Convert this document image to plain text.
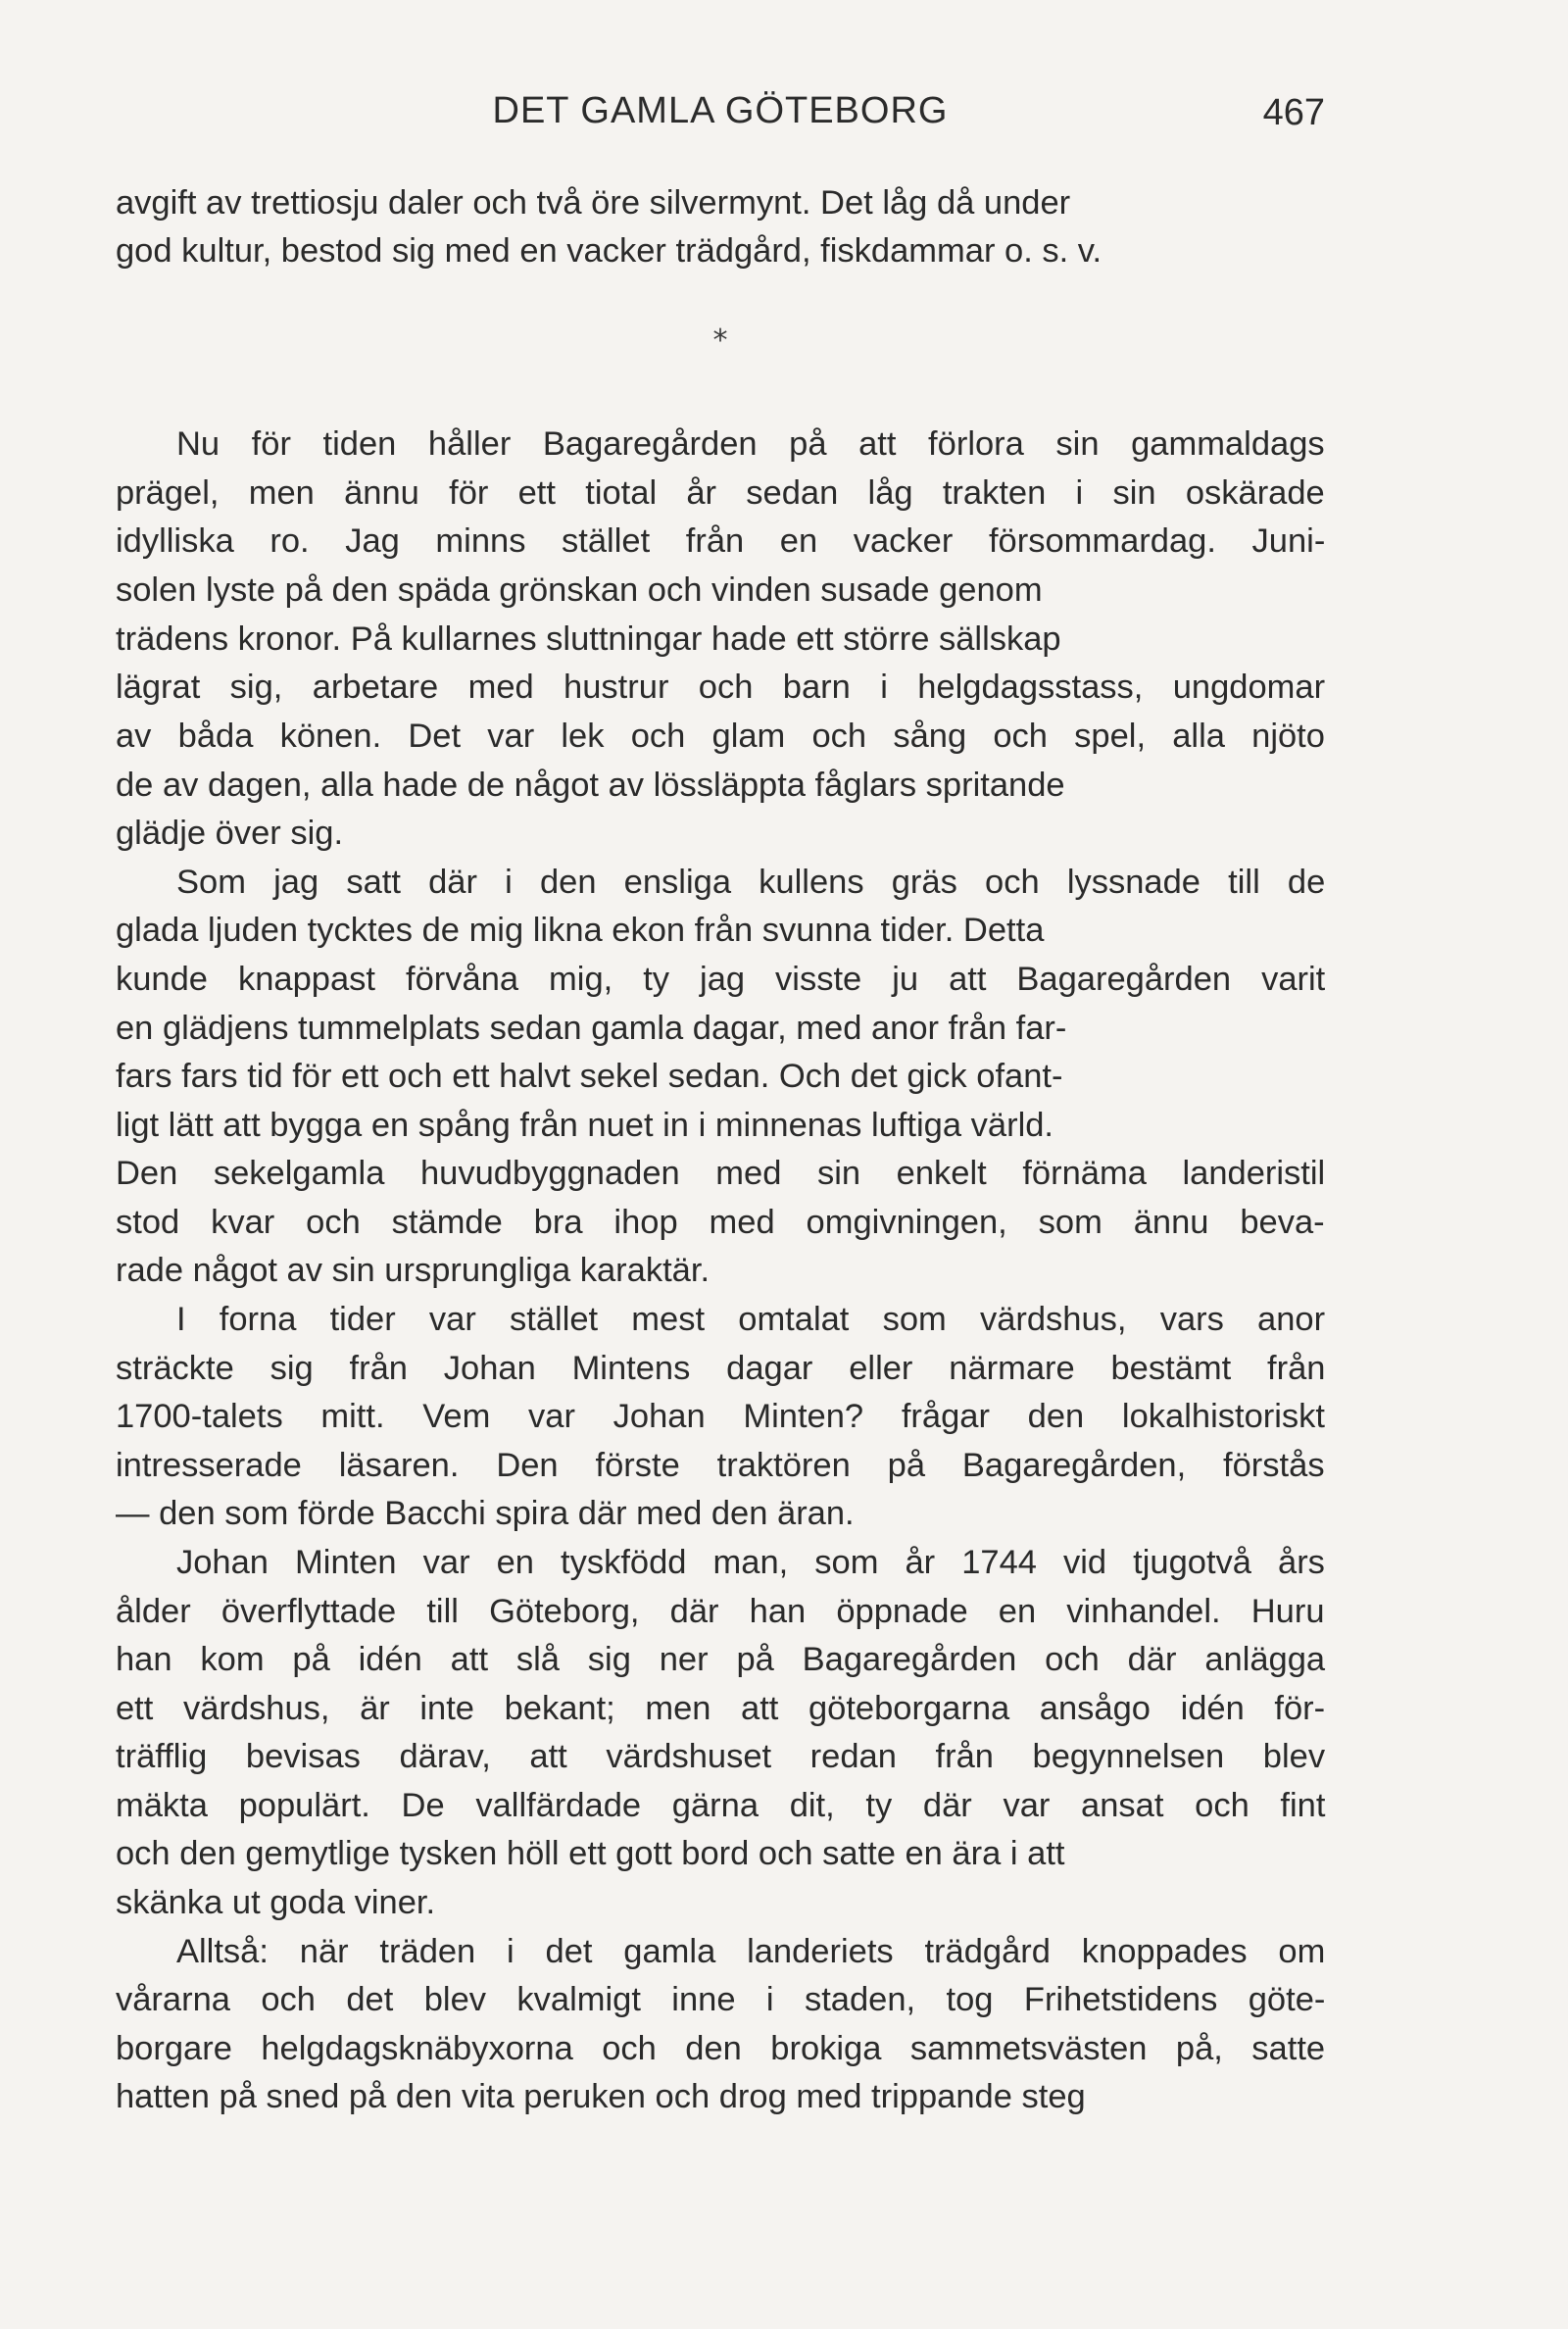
DET GAMLA GÖTEBORG	467
*
avgift av trettiosju daler och två öre silvermynt. Det låg då under
god kultur, bestod sig med en vacker trädgård, fiskdammar o. s. v.
Nu för tiden håller Bagaregården på att förlora sin gammaldags
prägel, men ännu för ett tiotal år sedan låg trakten i sin oskärade
idylliska ro. Jag minns stället från en vacker försommardag. Juni-
solen lyste på den späda grönskan och vinden susade genom
trädens kronor. På kullarnes sluttningar hade ett större sällskap
lägrat sig, arbetare med hustrur och barn i helgdagsstass, ungdomar
av båda könen. Det var lek och glam och sång och spel, alla njöto
de av dagen, alla hade de något av lössläppta fåglars spritande
glädje över sig.
Som jag satt där i den ensliga kullens gräs och lyssnade till de
glada ljuden tycktes de mig likna ekon från svunna tider. Detta
kunde knappast förvåna mig, ty jag visste ju att Bagaregården varit
en glädjens tummelplats sedan gamla dagar, med anor från far-
fars fars tid för ett och ett halvt sekel sedan. Och det gick ofant-
ligt lätt att bygga en spång från nuet in i minnenas luftiga värld.
Den sekelgamla huvudbyggnaden med sin enkelt förnäma landeristil
stod kvar och stämde bra ihop med omgivningen, som ännu beva-
rade något av sin ursprungliga karaktär.
I forna tider var stället mest omtalat som värdshus, vars anor
sträckte sig från Johan Mintens dagar eller närmare bestämt från
1700-talets mitt. Vem var Johan Minten? frågar den lokalhistoriskt
intresserade läsaren. Den förste traktören på Bagaregården, förstås
— den som förde Bacchi spira där med den äran.
Johan Minten var en tyskfödd man, som år 1744 vid tjugotvå års
ålder överflyttade till Göteborg, där han öppnade en vinhandel. Huru
han kom på idén att slå sig ner på Bagaregården och där anlägga
ett värdshus, är inte bekant; men att göteborgarna ansågo idén för-
träfflig bevisas därav, att värdshuset redan från begynnelsen blev
mäkta populärt. De vallfärdade gärna dit, ty där var ansat och fint
och den gemytlige tysken höll ett gott bord och satte en ära i att
skänka ut goda viner.
Alltså: när träden i det gamla landeriets trädgård knoppades om
vårarna och det blev kvalmigt inne i staden, tog Frihetstidens göte-
borgare helgdagsknäbyxorna och den brokiga sammetsvästen på, satte
hatten på sned på den vita peruken och drog med trippande steg
